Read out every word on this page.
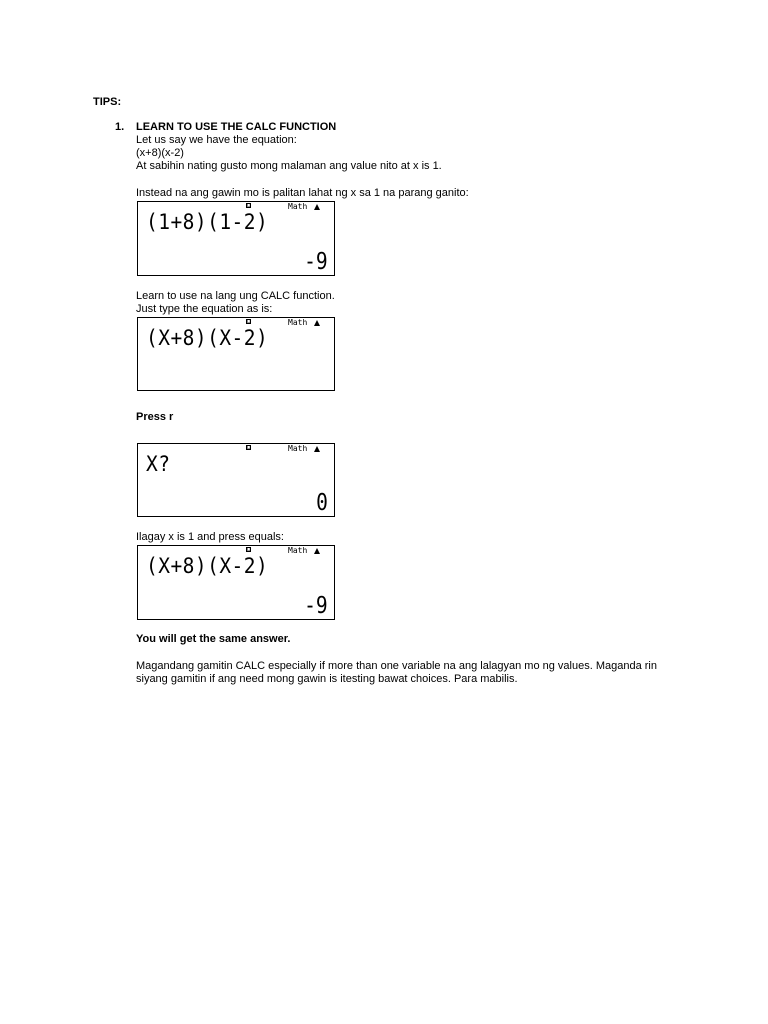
TIPS:
1. LEARN TO USE THE CALC FUNCTION
Let us say we have the equation:
(x+8)(x-2)
At sabihin nating gusto mong malaman ang value nito at x is 1.
Instead na ang gawin mo is palitan lahat ng x sa 1 na parang ganito:
D	Math
(1+8)(1-2)
-9
Learn to use na lang ung CALC function.
Just type the equation as is:
D	Math
(X+8)(X-2)
Press r
D	Math
X?
0
Ilagay x is 1 and press equals:
D	Math
(X+8)(X-2)
-9
You will get the same answer.
Magandang gamitin CALC especially if more than one variable na ang lalagyan mo ng values. Maganda rin
siyang gamitin if ang need mong gawin is itesting bawat choices. Para mabilis.
